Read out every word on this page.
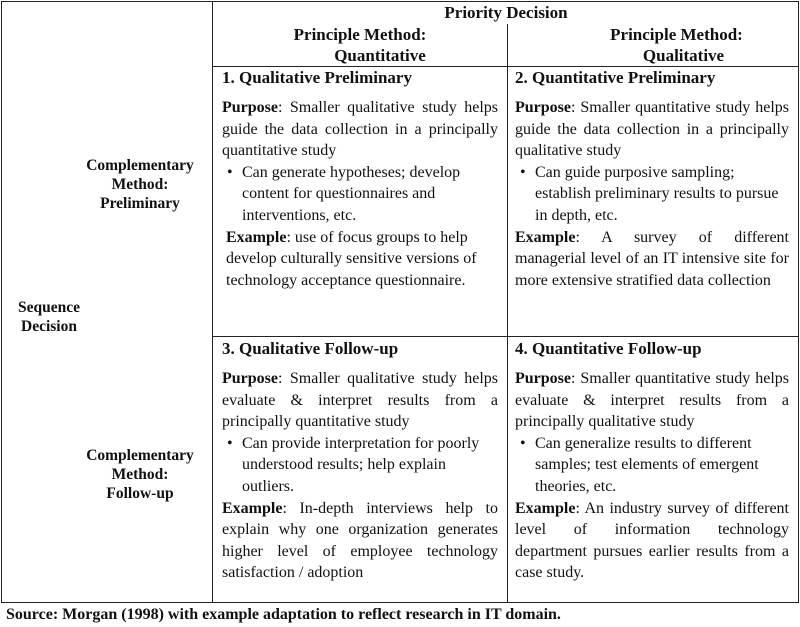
Priority Decision
Principle Method:
Quantitative
Principle Method:
Qualitative
Sequence
Decision
Complementary
Method:
Preliminary
Complementary
Method:
Follow-up
1. Qualitative Preliminary

Purpose: Smaller qualitative study helps guide the data collection in a principally quantitative study

• Can generate hypotheses; develop content for questionnaires and interventions, etc.

Example: use of focus groups to help develop culturally sensitive versions of technology acceptance questionnaire.

2. Quantitative Preliminary

Purpose: Smaller quantitative study helps guide the data collection in a principally qualitative study

• Can guide purposive sampling; establish preliminary results to pursue in depth, etc.

Example: A survey of different managerial level of an IT intensive site for more extensive stratified data collection

3. Qualitative Follow-up

Purpose: Smaller qualitative study helps evaluate & interpret results from a principally quantitative study

• Can provide interpretation for poorly understood results; help explain outliers.

Example: In-depth interviews help to explain why one organization generates higher level of employee technology satisfaction / adoption

4. Quantitative Follow-up

Purpose: Smaller quantitative study helps evaluate & interpret results from a principally qualitative study

• Can generalize results to different samples; test elements of emergent theories, etc.

Example: An industry survey of different level of information technology department pursues earlier results from a case study.

Source: Morgan (1998) with example adaptation to reflect research in IT domain.
